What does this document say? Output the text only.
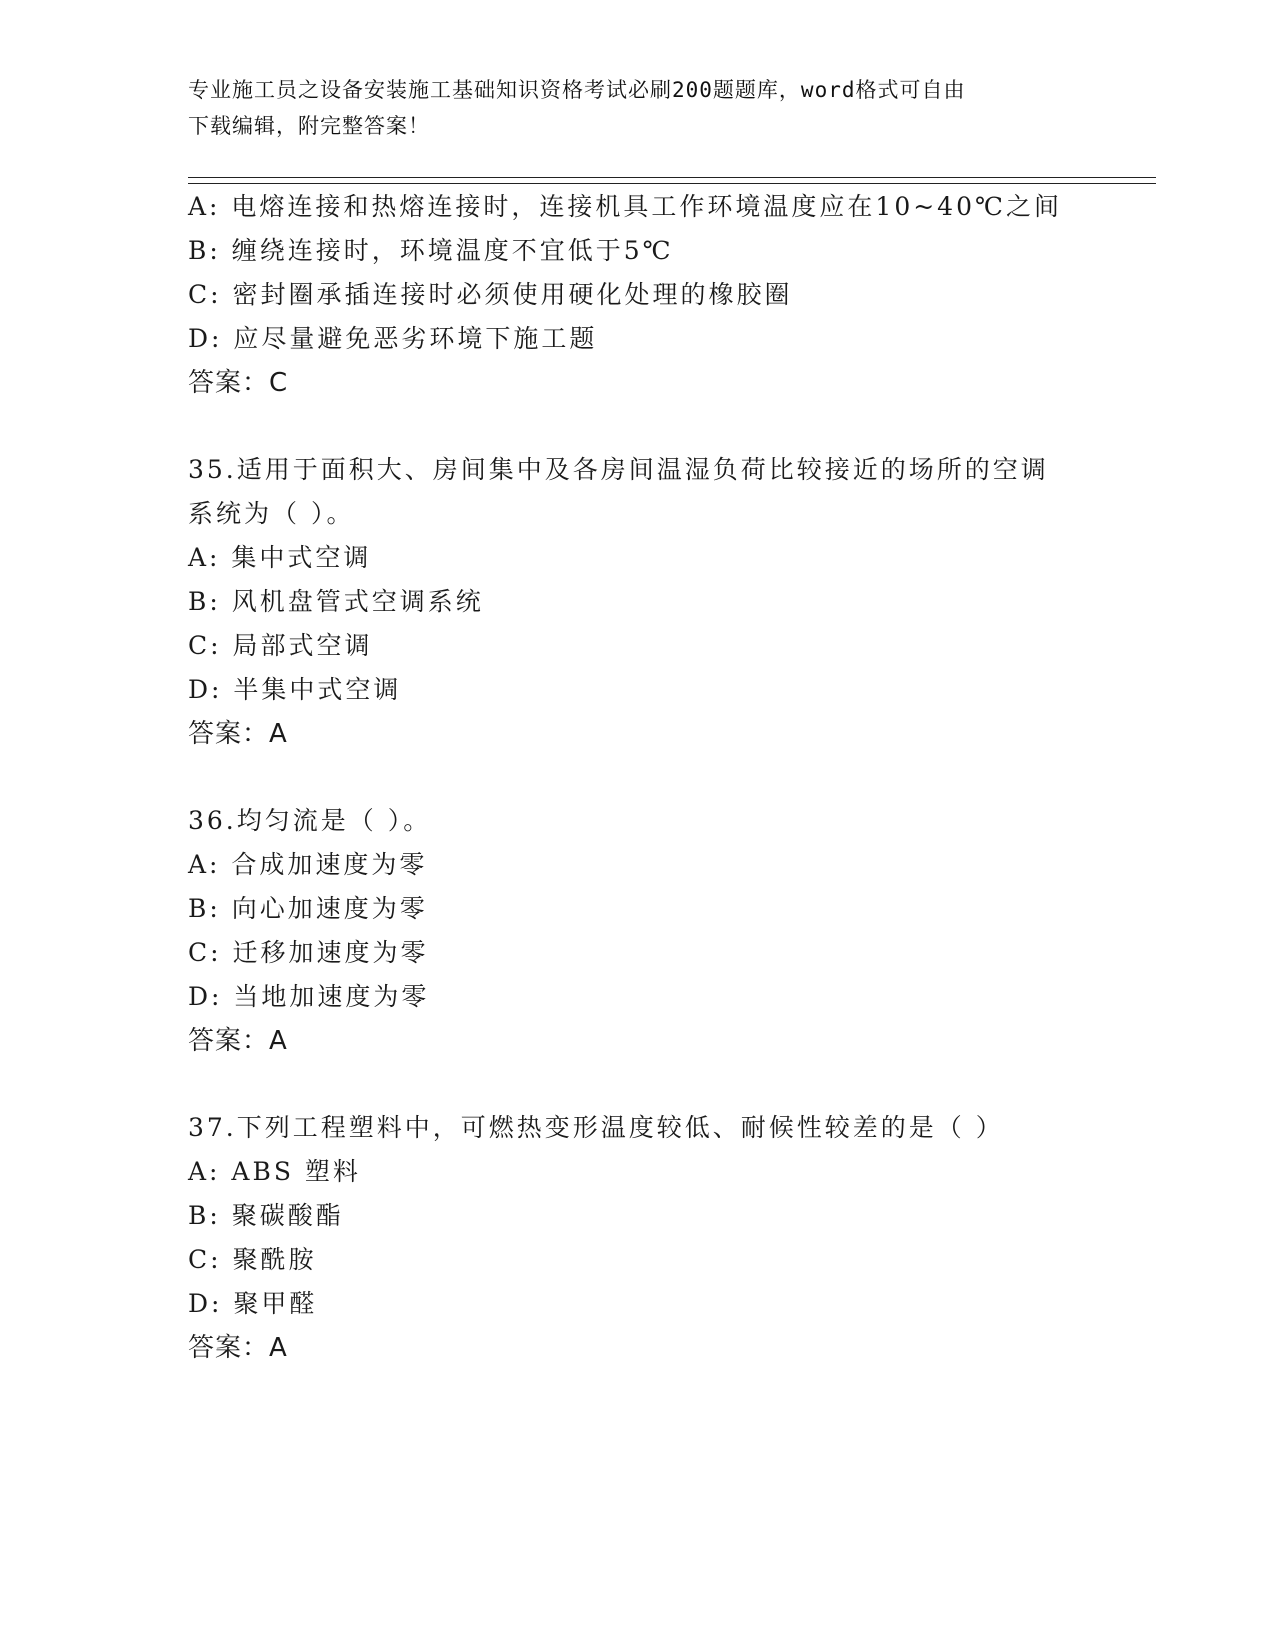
专业施工员之设备安装施工基础知识资格考试必刷200题题库，word格式可自由
下载编辑，附完整答案！
A: 电熔连接和热熔连接时，连接机具工作环境温度应在10~40℃之间
B: 缠绕连接时，环境温度不宜低于5℃
C: 密封圈承插连接时必须使用硬化处理的橡胶圈
D: 应尽量避免恶劣环境下施工题
答案：C
35.适用于面积大、房间集中及各房间温湿负荷比较接近的场所的空调
系统为（ ）。
A: 集中式空调
B: 风机盘管式空调系统
C: 局部式空调
D: 半集中式空调
答案：A
36.均匀流是（ ）。
A: 合成加速度为零
B: 向心加速度为零
C: 迁移加速度为零
D: 当地加速度为零
答案：A
37.下列工程塑料中，可燃热变形温度较低、耐候性较差的是（ ）
A: ABS 塑料
B: 聚碳酸酯
C: 聚酰胺
D: 聚甲醛
答案：A
